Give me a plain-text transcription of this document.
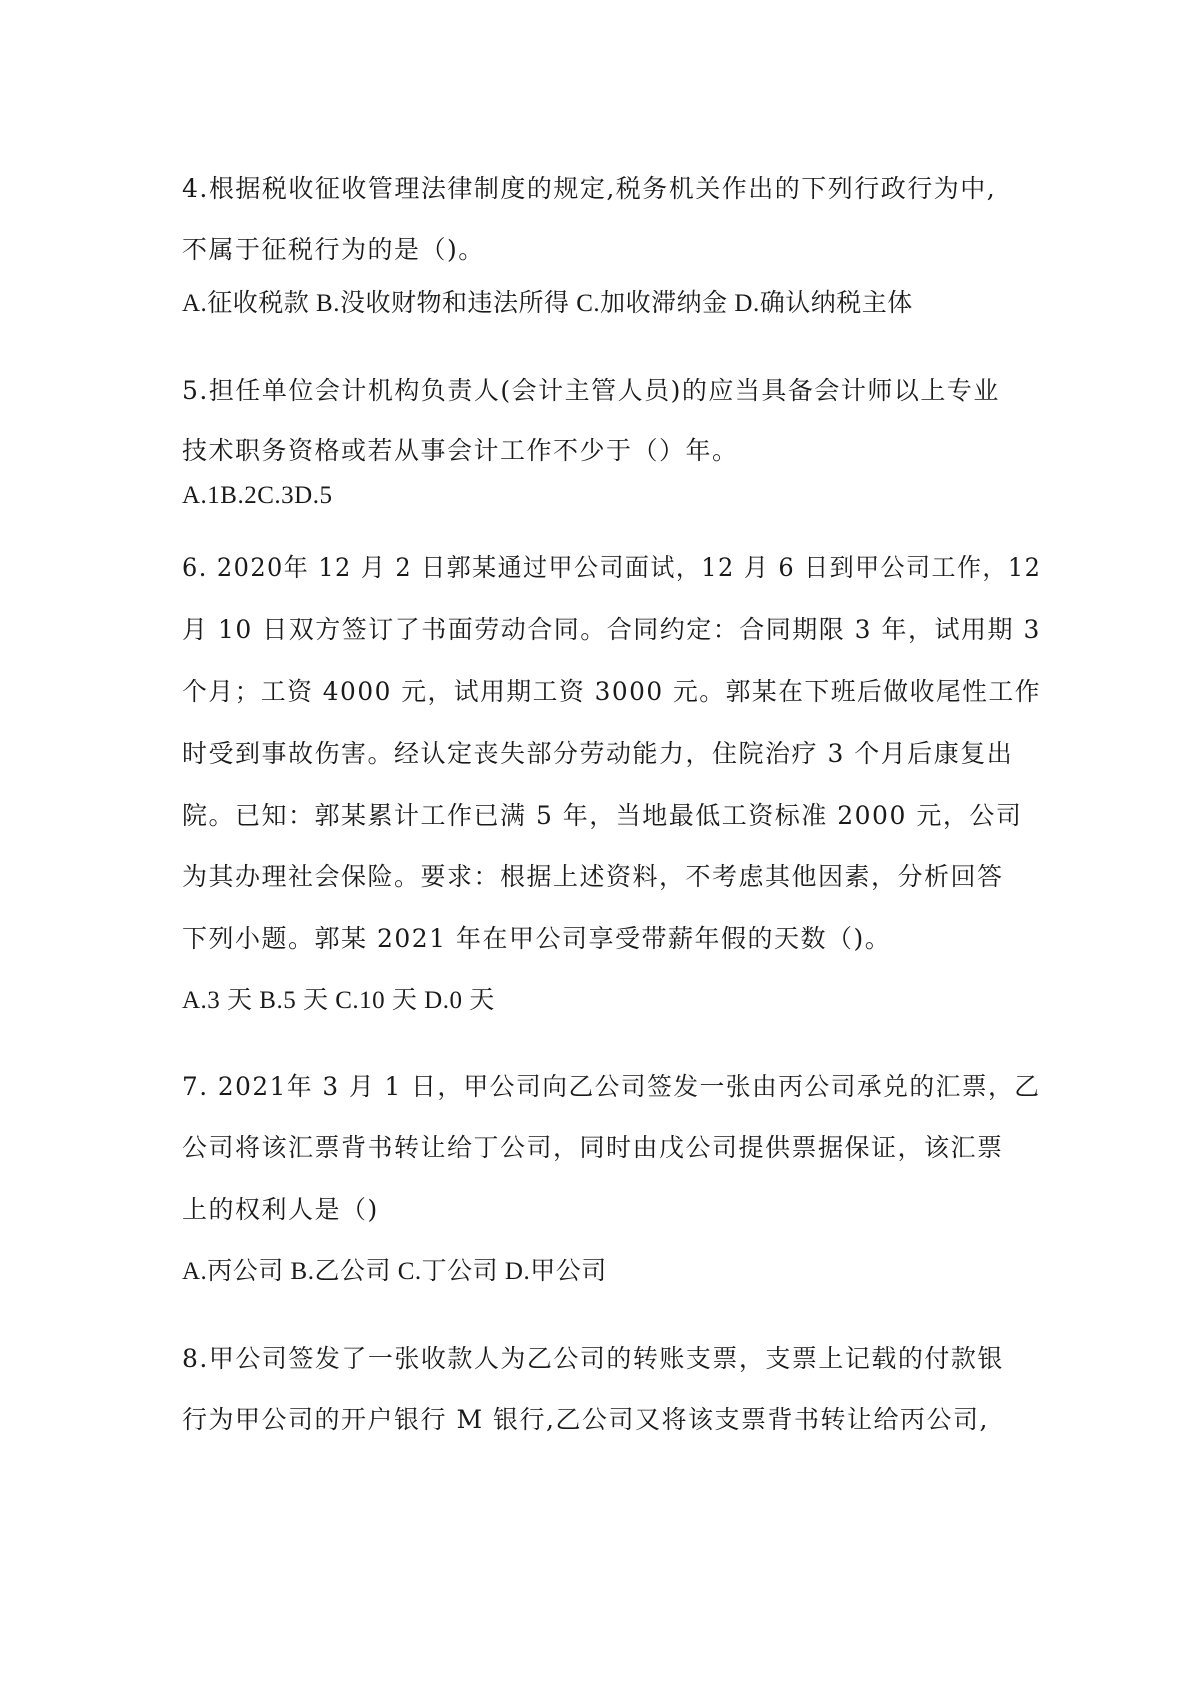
4.根据税收征收管理法律制度的规定,税务机关作出的下列行政行为中,
不属于征税行为的是（)。
A.征收税款 B.没收财物和违法所得 C.加收滞纳金 D.确认纳税主体
5.担任单位会计机构负责人(会计主管人员)的应当具备会计师以上专业
技术职务资格或若从事会计工作不少于（）年。
A.1B.2C.3D.5
6. 2020年 12 月 2 日郭某通过甲公司面试，12 月 6 日到甲公司工作，12
月 10 日双方签订了书面劳动合同。合同约定：合同期限 3 年，试用期 3
个月；工资 4000 元，试用期工资 3000 元。郭某在下班后做收尾性工作
时受到事故伤害。经认定丧失部分劳动能力，住院治疗 3 个月后康复出
院。已知：郭某累计工作已满 5 年，当地最低工资标准 2000 元，公司
为其办理社会保险。要求：根据上述资料，不考虑其他因素，分析回答
下列小题。郭某 2021 年在甲公司享受带薪年假的天数（)。
A.3 天 B.5 天 C.10 天 D.0 天
7. 2021年 3 月 1 日，甲公司向乙公司签发一张由丙公司承兑的汇票，乙
公司将该汇票背书转让给丁公司，同时由戊公司提供票据保证，该汇票
上的权利人是（)
A.丙公司 B.乙公司 C.丁公司 D.甲公司
8.甲公司签发了一张收款人为乙公司的转账支票，支票上记载的付款银
行为甲公司的开户银行 M 银行,乙公司又将该支票背书转让给丙公司,
